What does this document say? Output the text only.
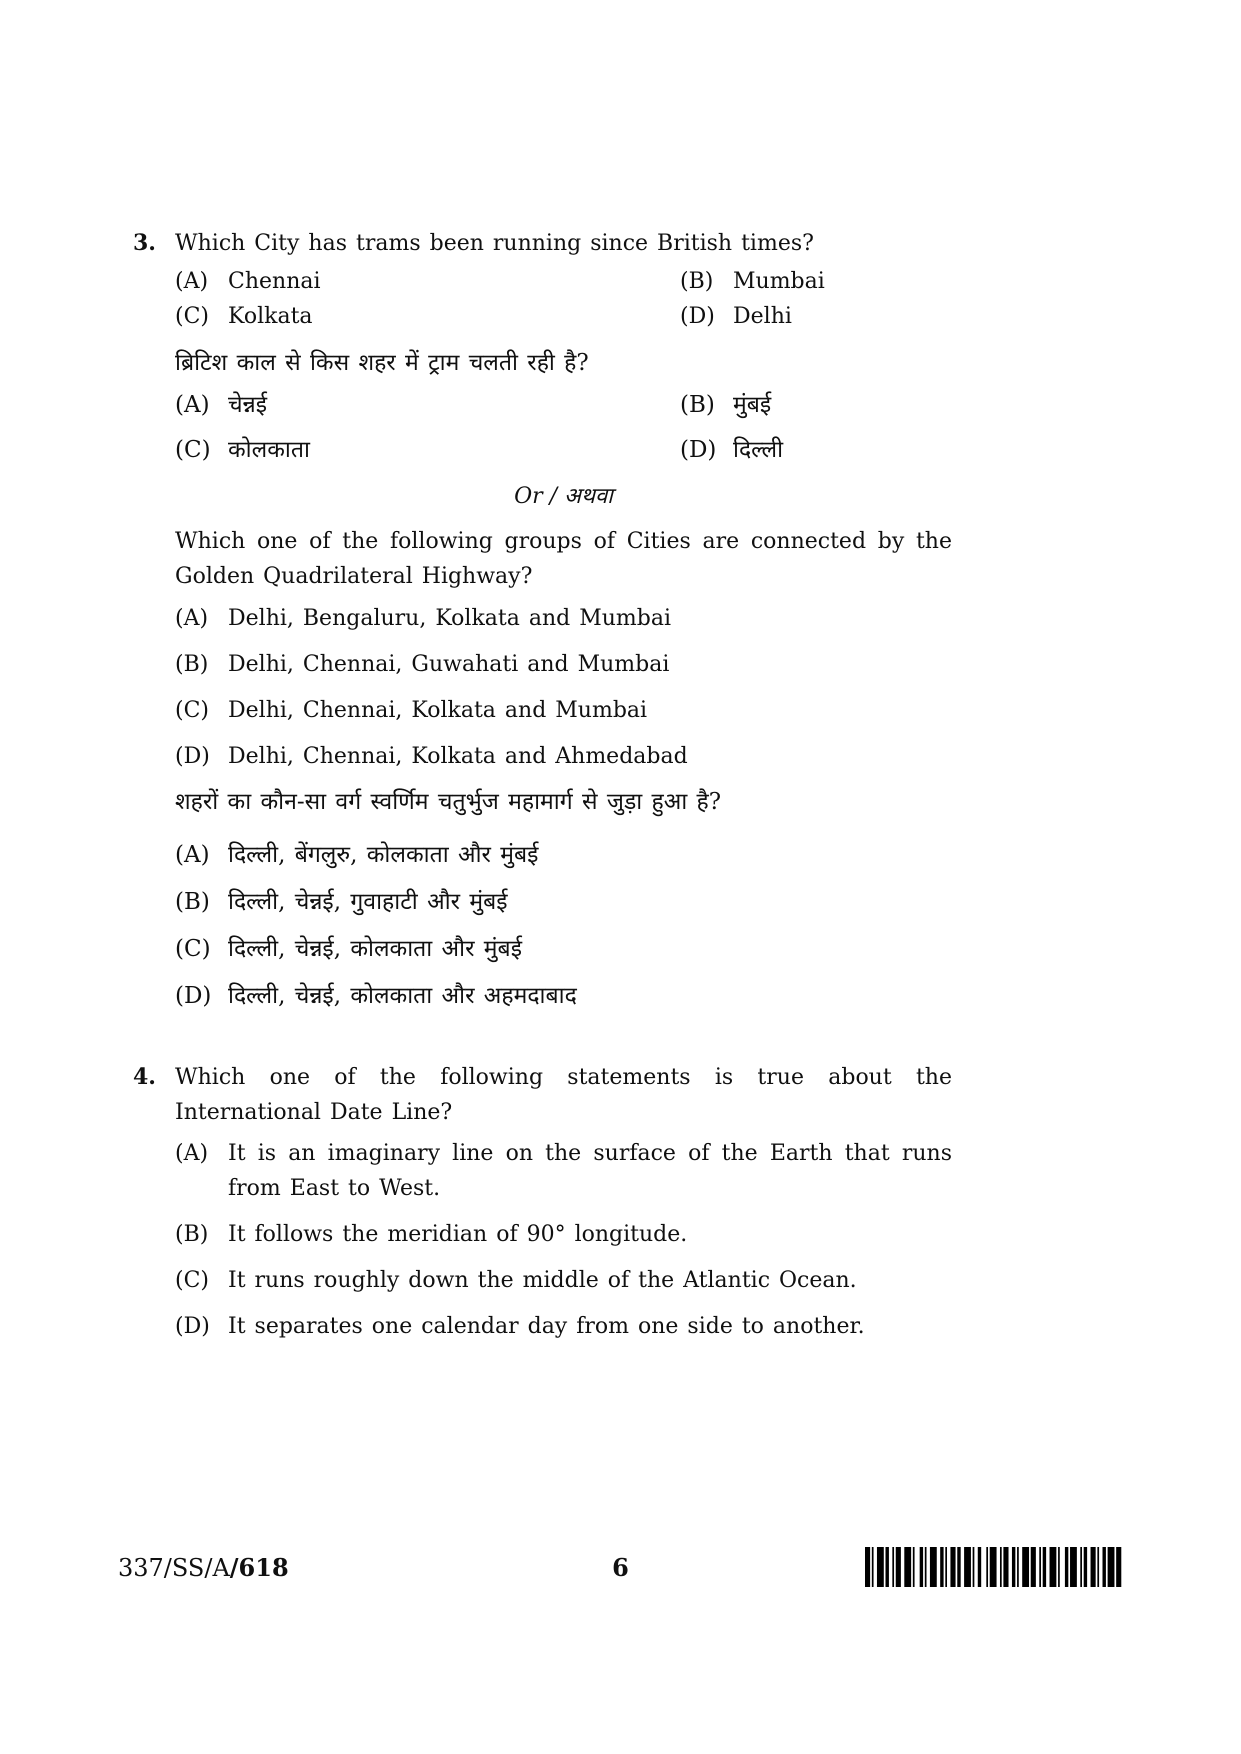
3. Which City has trams been running since British times?

(A) Chennai	(B) Mumbai
(C) Kolkata	(D) Delhi

ब्रिटिश काल से किस शहर में ट्राम चलती रही है?

(A) चेन्नई	(B) मुंबई
(C) कोलकाता	(D) दिल्ली

Or / अथवा

Which one of the following groups of Cities are connected by the Golden Quadrilateral Highway?

(A) Delhi, Bengaluru, Kolkata and Mumbai
(B) Delhi, Chennai, Guwahati and Mumbai
(C) Delhi, Chennai, Kolkata and Mumbai
(D) Delhi, Chennai, Kolkata and Ahmedabad

शहरों का कौन-सा वर्ग स्वर्णिम चतुर्भुज महामार्ग से जुड़ा हुआ है?

(A) दिल्ली, बेंगलुरु, कोलकाता और मुंबई
(B) दिल्ली, चेन्नई, गुवाहाटी और मुंबई
(C) दिल्ली, चेन्नई, कोलकाता और मुंबई
(D) दिल्ली, चेन्नई, कोलकाता और अहमदाबाद
4. Which one of the following statements is true about the International Date Line?

(A) It is an imaginary line on the surface of the Earth that runs from East to West.
(B) It follows the meridian of 90° longitude.
(C) It runs roughly down the middle of the Atlantic Ocean.
(D) It separates one calendar day from one side to another.
337/SS/A/618	6
